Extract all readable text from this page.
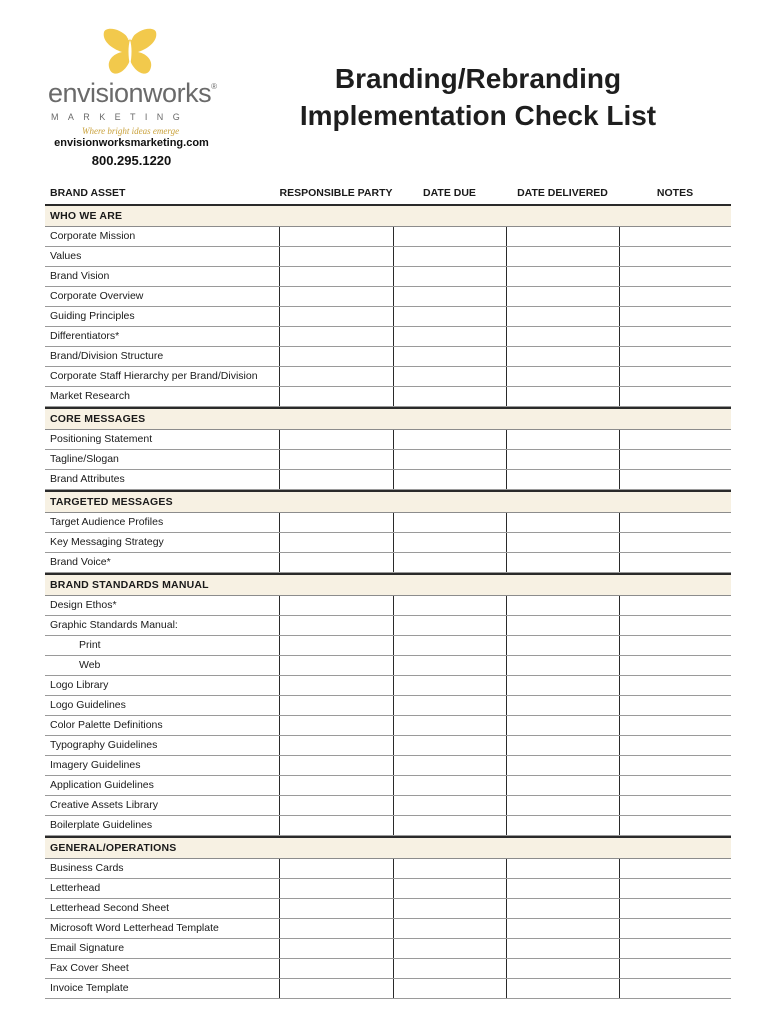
envisionworks®
MARKETING
Where bright ideas emerge
envisionworksmarketing.com
800.295.1220
Branding/Rebranding
Implementation Check List
BRAND ASSET	RESPONSIBLE PARTY	DATE DUE	DATE DELIVERED	NOTES
WHO WE ARE
Corporate Mission
Values
Brand Vision
Corporate Overview
Guiding Principles
Differentiators*
Brand/Division Structure
Corporate Staff Hierarchy per Brand/Division
Market Research
CORE MESSAGES
Positioning Statement
Tagline/Slogan
Brand Attributes
TARGETED MESSAGES
Target Audience Profiles
Key Messaging Strategy
Brand Voice*
BRAND STANDARDS MANUAL
Design Ethos*
Graphic Standards Manual:
Print
Web
Logo Library
Logo Guidelines
Color Palette Definitions
Typography Guidelines
Imagery Guidelines
Application Guidelines
Creative Assets Library
Boilerplate Guidelines
GENERAL/OPERATIONS
Business Cards
Letterhead
Letterhead Second Sheet
Microsoft Word Letterhead Template
Email Signature
Fax Cover Sheet
Invoice Template
